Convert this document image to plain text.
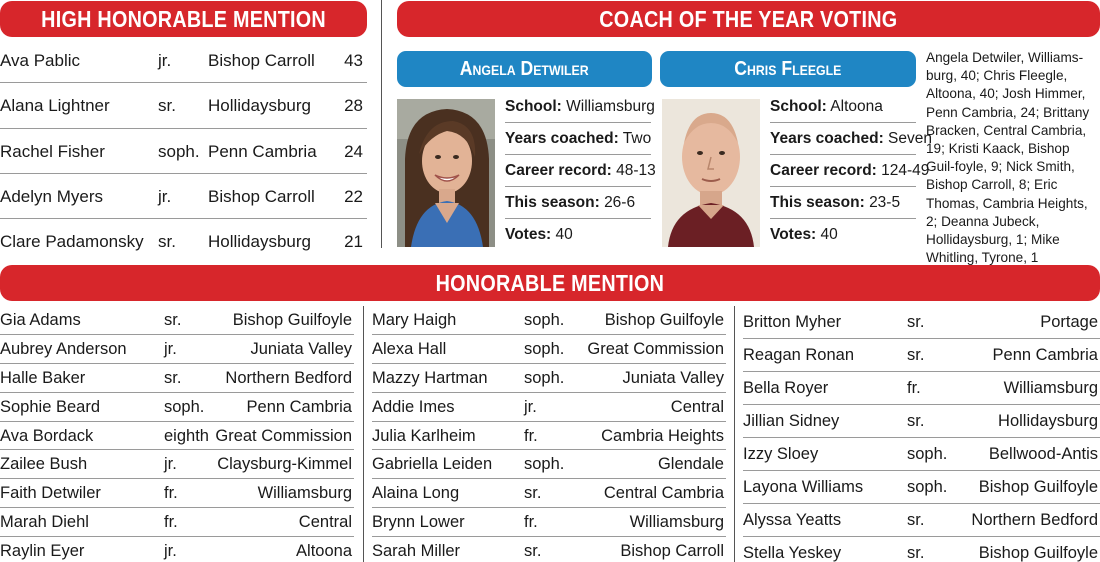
HIGH HONORABLE MENTION	COACH OF THE YEAR VOTING
Ava Pablic	jr. Bishop Carroll 43
Alana Lightner	sr. Hollidaysburg 28
Rachel Fisher	soph. Penn Cambria 24
Adelyn Myers	jr. Bishop Carroll 22
Clare Padamonsky sr. Hollidaysburg 21
Angela Detwiler	Chris Fleegle
School: Williamsburg
Years coached: Two
Career record: 48-13
This season: 26-6
Votes: 40
School: Altoona
Years coached: Seven
Career record: 124-49
This season: 23-5
Votes: 40
Angela Detwiler, Williams-burg, 40; Chris Fleegle, Altoona, 40; Josh Himmer, Penn Cambria, 24; Brittany Bracken, Central Cambria, 19; Kristi Kaack, Bishop Guil-foyle, 9; Nick Smith, Bishop Carroll, 8; Eric Thomas, Cambria Heights, 2; Deanna Jubeck, Hollidaysburg, 1; Mike Whitling, Tyrone, 1
HONORABLE MENTION
Gia Adams	sr.	Bishop Guilfoyle
Aubrey Anderson jr.	Juniata Valley
Halle Baker	sr.	Northern Bedford
Sophie Beard	soph.	Penn Cambria
Ava Bordack	eighth Great Commission
Zailee Bush	jr. Claysburg-Kimmel
Faith Detwiler	fr.	Williamsburg
Marah Diehl	fr.	Central
Raylin Eyer	jr.	Altoona
Mary Haigh	soph. Bishop Guilfoyle
Alexa Hall	soph. Great Commission
Mazzy Hartman soph.	Juniata Valley
Addie Imes	jr.	Central
Julia Karlheim	fr.	Cambria Heights
Gabriella Leiden soph.	Glendale
Alaina Long	sr.	Central Cambria
Brynn Lower	fr.	Williamsburg
Sarah Miller	sr.	Bishop Carroll
Britton Myher	sr.	Portage
Reagan Ronan	sr.	Penn Cambria
Bella Royer	fr.	Williamsburg
Jillian Sidney	sr.	Hollidaysburg
Izzy Sloey	soph.	Bellwood-Antis
Layona Williams	soph. Bishop Guilfoyle
Alyssa Yeatts	sr.	Northern Bedford
Stella Yeskey	sr.	Bishop Guilfoyle
